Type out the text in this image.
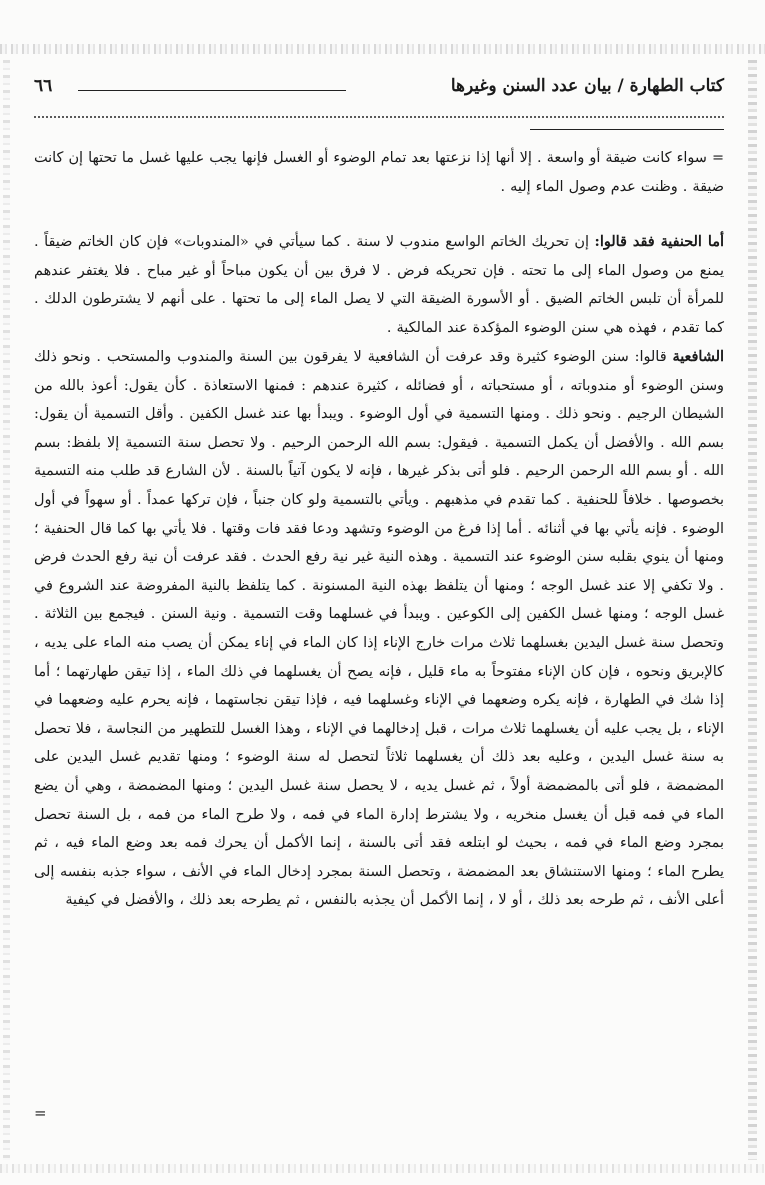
كتاب الطهارة / بيان عدد السنن وغيرها
٦٦
= سواء كانت ضيقة أو واسعة . إلا أنها إذا نزعتها بعد تمام الوضوء أو الغسل فإنها يجب عليها غسل ما تحتها إن كانت ضيقة . وظنت عدم وصول الماء إليه .
أما الحنفية فقد قالوا: إن تحريك الخاتم الواسع مندوب لا سنة . كما سيأتي في «المندوبات» فإن كان الخاتم ضيقاً . يمنع من وصول الماء إلى ما تحته . فإن تحريكه فرض . لا فرق بين أن يكون مباحاً أو غير مباح . فلا يغتفر عندهم للمرأة أن تلبس الخاتم الضيق . أو الأسورة الضيقة التي لا يصل الماء إلى ما تحتها . على أنهم لا يشترطون الدلك . كما تقدم ، فهذه هي سنن الوضوء المؤكدة عند المالكية .
الشافعية قالوا: سنن الوضوء كثيرة وقد عرفت أن الشافعية لا يفرقون بين السنة والمندوب والمستحب . ونحو ذلك وسنن الوضوء أو مندوباته ، أو مستحباته ، أو فضائله ، كثيرة عندهم : فمنها الاستعاذة . كأن يقول: أعوذ بالله من الشيطان الرجيم . ونحو ذلك . ومنها التسمية في أول الوضوء . ويبدأ بها عند غسل الكفين . وأقل التسمية أن يقول: بسم الله . والأفضل أن يكمل التسمية . فيقول: بسم الله الرحمن الرحيم . ولا تحصل سنة التسمية إلا بلفظ: بسم الله . أو بسم الله الرحمن الرحيم . فلو أتى بذكر غيرها ، فإنه لا يكون آتياً بالسنة . لأن الشارع قد طلب منه التسمية بخصوصها . خلافاً للحنفية . كما تقدم في مذهبهم . ويأتي بالتسمية ولو كان جنباً ، فإن تركها عمداً . أو سهواً في أول الوضوء . فإنه يأتي بها في أثنائه . أما إذا فرغ من الوضوء وتشهد ودعا فقد فات وقتها . فلا يأتي بها كما قال الحنفية ؛ ومنها أن ينوي بقلبه سنن الوضوء عند التسمية . وهذه النية غير نية رفع الحدث . فقد عرفت أن نية رفع الحدث فرض . ولا تكفي إلا عند غسل الوجه ؛ ومنها أن يتلفظ بهذه النية المسنونة . كما يتلفظ بالنية المفروضة عند الشروع في غسل الوجه ؛ ومنها غسل الكفين إلى الكوعين . ويبدأ في غسلهما وقت التسمية . ونية السنن . فيجمع بين الثلاثة . وتحصل سنة غسل اليدين بغسلهما ثلاث مرات خارج الإناء إذا كان الماء في إناء يمكن أن يصب منه الماء على يديه ، كالإبريق ونحوه ، فإن كان الإناء مفتوحاً به ماء قليل ، فإنه يصح أن يغسلهما في ذلك الماء ، إذا تيقن طهارتهما ؛ أما إذا شك في الطهارة ، فإنه يكره وضعهما في الإناء وغسلهما فيه ، فإذا تيقن نجاستهما ، فإنه يحرم عليه وضعهما في الإناء ، بل يجب عليه أن يغسلهما ثلاث مرات ، قبل إدخالهما في الإناء ، وهذا الغسل للتطهير من النجاسة ، فلا تحصل به سنة غسل اليدين ، وعليه بعد ذلك أن يغسلهما ثلاثاً لتحصل له سنة الوضوء ؛ ومنها تقديم غسل اليدين على المضمضة ، فلو أتى بالمضمضة أولاً ، ثم غسل يديه ، لا يحصل سنة غسل اليدين ؛ ومنها المضمضة ، وهي أن يضع الماء في فمه قبل أن يغسل منخريه ، ولا يشترط إدارة الماء في فمه ، ولا طرح الماء من فمه ، بل السنة تحصل بمجرد وضع الماء في فمه ، بحيث لو ابتلعه فقد أتى بالسنة ، إنما الأكمل أن يحرك فمه بعد وضع الماء فيه ، ثم يطرح الماء ؛ ومنها الاستنشاق بعد المضمضة ، وتحصل السنة بمجرد إدخال الماء في الأنف ، سواء جذبه بنفسه إلى أعلى الأنف ، ثم طرحه بعد ذلك ، أو لا ، إنما الأكمل أن يجذبه بالنفس ، ثم يطرحه بعد ذلك ، والأفضل في كيفية
=
